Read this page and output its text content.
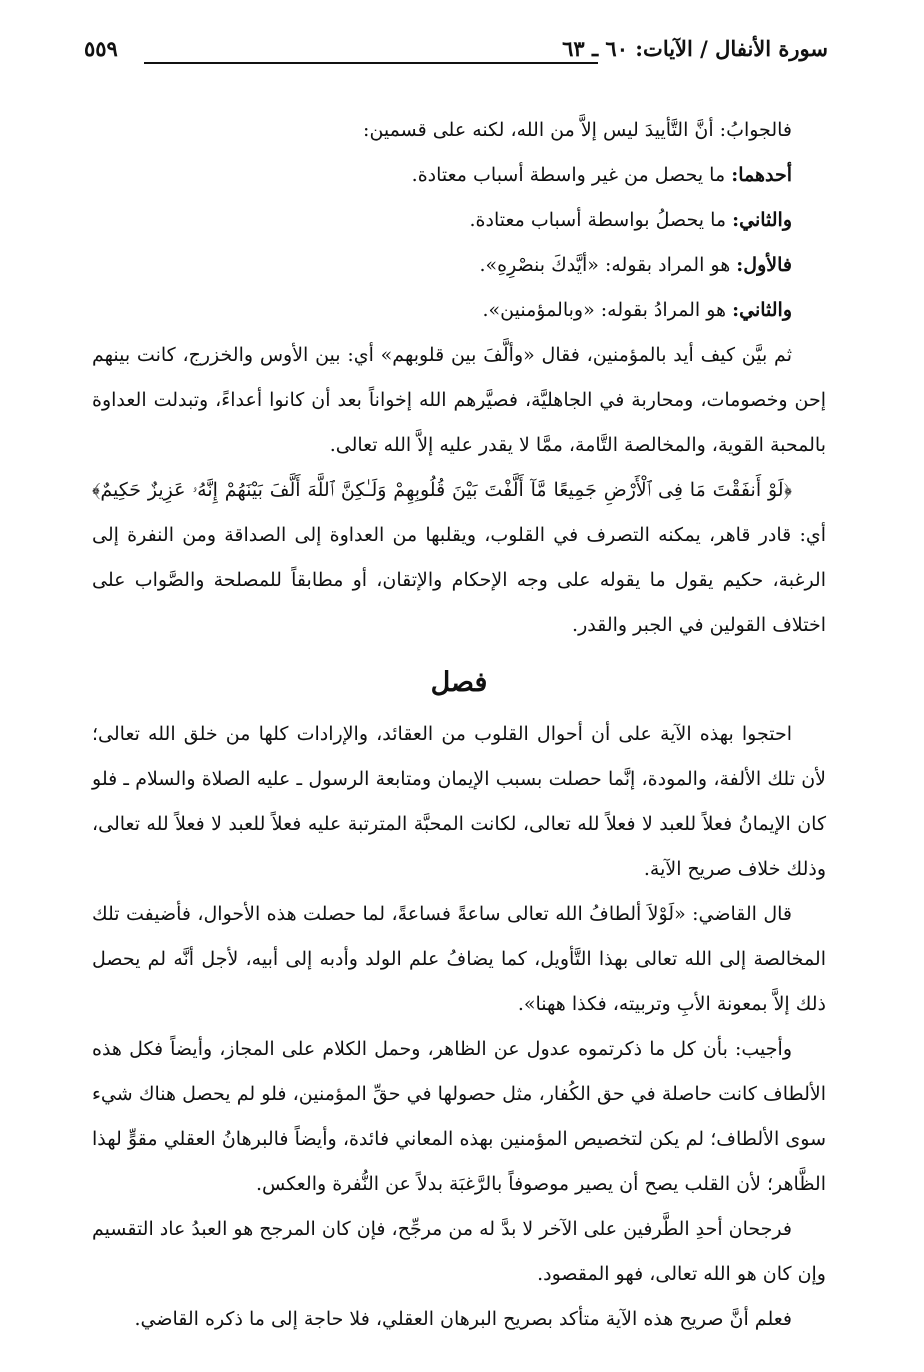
سورة الأنفال / الآيات: ٦٠ ـ ٦٣
٥٥٩

فالجوابُ: أنَّ التَّأييدَ ليس إلاَّ من الله، لكنه على قسمين:

أحدهما: ما يحصل من غير واسطة أسباب معتادة.

والثاني: ما يحصلُ بواسطة أسباب معتادة.

فالأول: هو المراد بقوله: «أيَّدكَ بنصْرِهِ».

والثاني: هو المرادُ بقوله: «وبالمؤمنين».

ثم بيَّن كيف أيد بالمؤمنين، فقال «وألَّفَ بين قلوبهم» أي: بين الأوس والخزرج، كانت بينهم إحن وخصومات، ومحاربة في الجاهليَّة، فصيَّرهم الله إخواناً بعد أن كانوا أعداءً، وتبدلت العداوة بالمحبة القوية، والمخالصة التَّامة، ممَّا لا يقدر عليه إلاَّ الله تعالى.

﴿لَوْ أَنفَقْتَ مَا فِى ٱلْأَرْضِ جَمِيعًا مَّآ أَلَّفْتَ بَيْنَ قُلُوبِهِمْ وَلَـٰكِنَّ ٱللَّهَ أَلَّفَ بَيْنَهُمْ إِنَّهُۥ عَزِيزٌ حَكِيمٌ﴾ أي: قادر قاهر، يمكنه التصرف في القلوب، ويقلبها من العداوة إلى الصداقة ومن النفرة إلى الرغبة، حكيم يقول ما يقوله على وجه الإحكام والإتقان، أو مطابقاً للمصلحة والصَّواب على اختلاف القولين في الجبر والقدر.

فصل

احتجوا بهذه الآية على أن أحوال القلوب من العقائد، والإرادات كلها من خلق الله تعالى؛ لأن تلك الألفة، والمودة، إنَّما حصلت بسبب الإيمان ومتابعة الرسول ـ عليه الصلاة والسلام ـ فلو كان الإيمانُ فعلاً للعبد لا فعلاً لله تعالى، لكانت المحبَّة المترتبة عليه فعلاً للعبد لا فعلاً لله تعالى، وذلك خلاف صريح الآية.

قال القاضي: «لَوْلاَ ألطافُ الله تعالى ساعةً فساعةً، لما حصلت هذه الأحوال، فأضيفت تلك المخالصة إلى الله تعالى بهذا التَّأويل، كما يضافُ علم الولد وأدبه إلى أبيه، لأجل أنَّه لم يحصل ذلك إلاَّ بمعونة الأبِ وتربيته، فكذا ههنا».

وأجيب: بأن كل ما ذكرتموه عدول عن الظاهر، وحمل الكلام على المجاز، وأيضاً فكل هذه الألطاف كانت حاصلة في حق الكُفار، مثل حصولها في حقِّ المؤمنين، فلو لم يحصل هناك شيء سوى الألطاف؛ لم يكن لتخصيص المؤمنين بهذه المعاني فائدة، وأيضاً فالبرهانُ العقلي مقوٍّ لهذا الظَّاهر؛ لأن القلب يصح أن يصير موصوفاً بالرَّغبَة بدلاً عن النُّفرة والعكس.

فرجحان أحدِ الطَّرفين على الآخر لا بدَّ له من مرجِّح، فإن كان المرجح هو العبدُ عاد التقسيم وإن كان هو الله تعالى، فهو المقصود.

فعلم أنَّ صريح هذه الآية متأكد بصريح البرهان العقلي، فلا حاجة إلى ما ذكره القاضي.
